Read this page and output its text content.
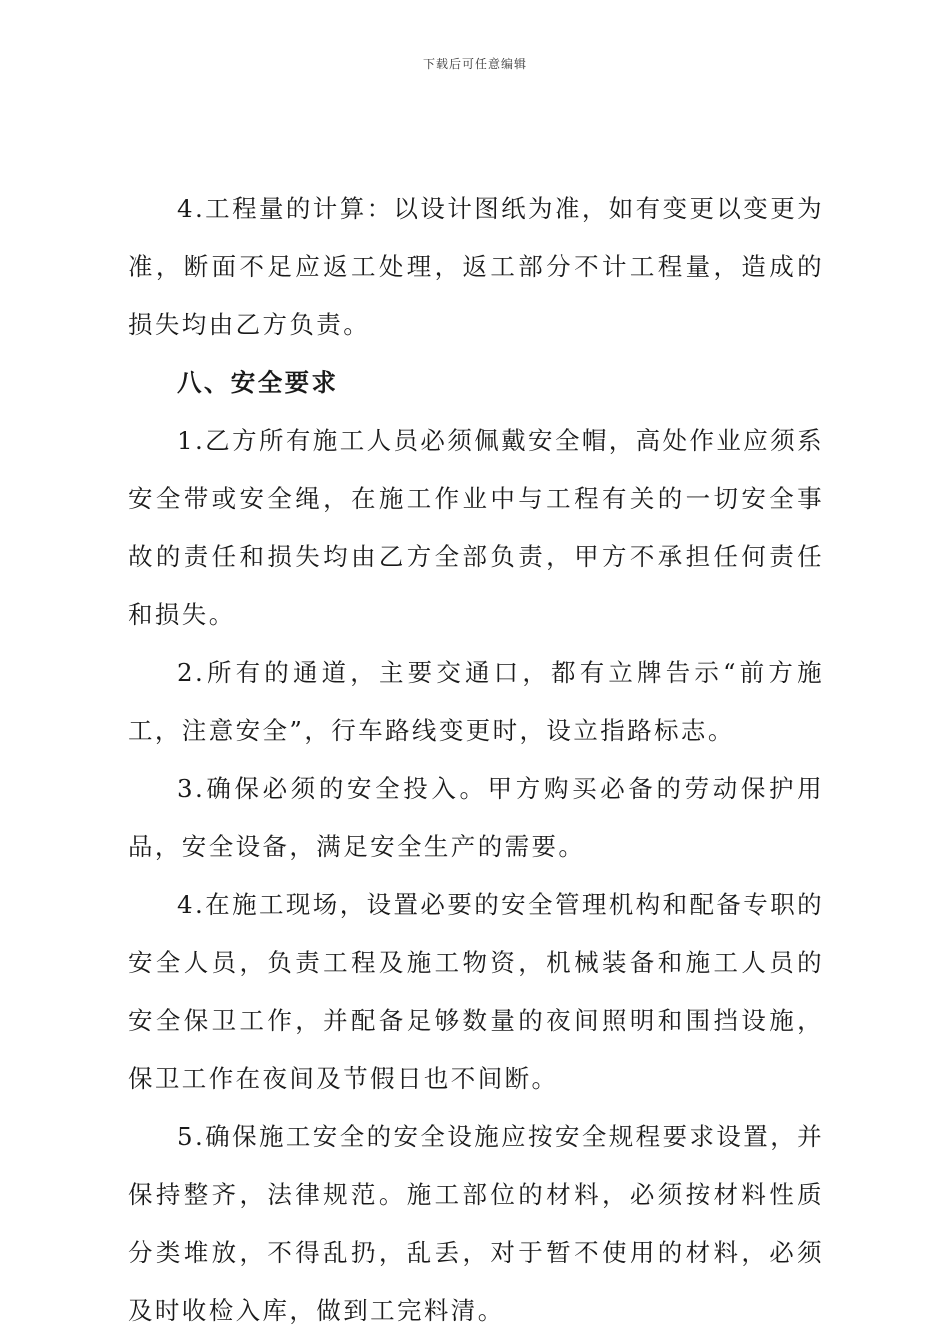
下载后可任意编辑

4.工程量的计算：以设计图纸为准，如有变更以变更为准，断面不足应返工处理，返工部分不计工程量，造成的损失均由乙方负责。

八、安全要求

1.乙方所有施工人员必须佩戴安全帽，高处作业应须系安全带或安全绳，在施工作业中与工程有关的一切安全事故的责任和损失均由乙方全部负责，甲方不承担任何责任和损失。

2.所有的通道，主要交通口，都有立牌告示“前方施工，注意安全”，行车路线变更时，设立指路标志。

3.确保必须的安全投入。甲方购买必备的劳动保护用品，安全设备，满足安全生产的需要。

4.在施工现场，设置必要的安全管理机构和配备专职的安全人员，负责工程及施工物资，机械装备和施工人员的安全保卫工作，并配备足够数量的夜间照明和围挡设施，保卫工作在夜间及节假日也不间断。

5.确保施工安全的安全设施应按安全规程要求设置，并保持整齐，法律规范。施工部位的材料，必须按材料性质分类堆放，不得乱扔，乱丢，对于暂不使用的材料，必须及时收检入库，做到工完料清。
